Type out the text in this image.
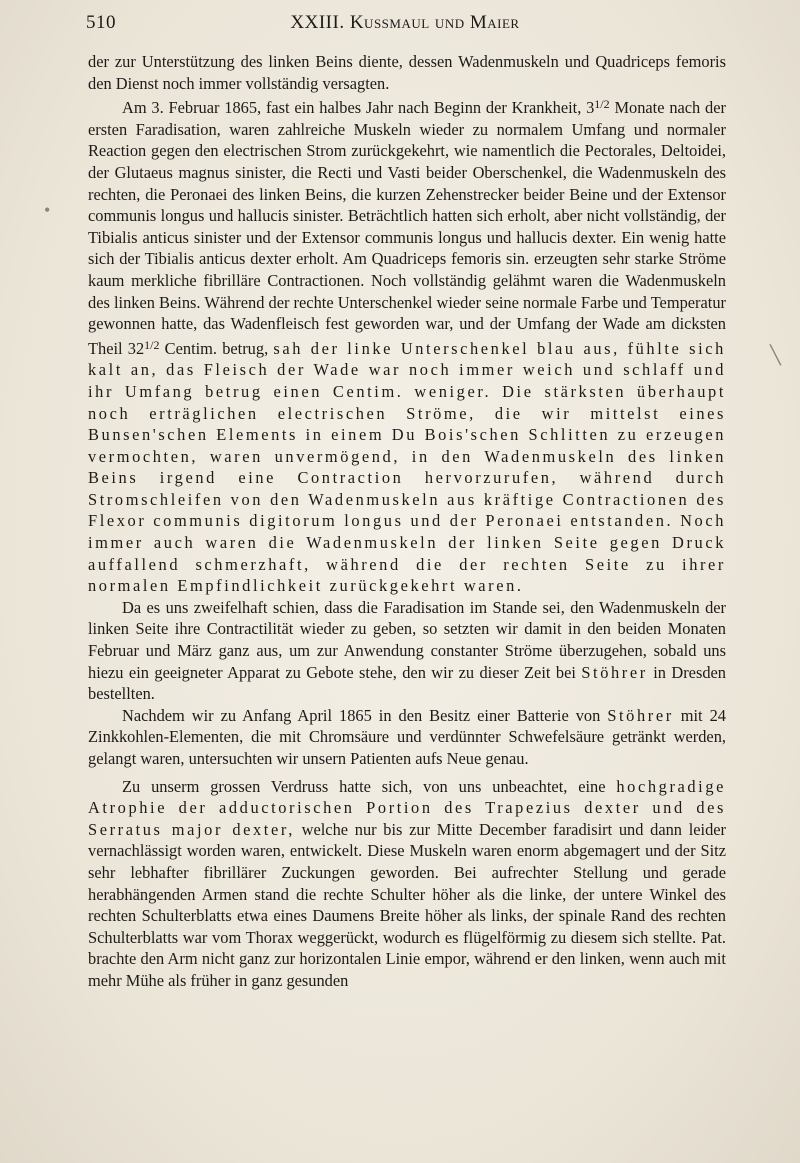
510	XXIII. Kussmaul und Maier

der zur Unterstützung des linken Beins diente, dessen Wadenmuskeln und Quadriceps femoris den Dienst noch immer vollständig versagten.

Am 3. Februar 1865, fast ein halbes Jahr nach Beginn der Krankheit, $3^{1/2}$ Monate nach der ersten Faradisation, waren zahlreiche Muskeln wieder zu normalem Umfang und normaler Reaction gegen den electrischen Strom zurückgekehrt, wie namentlich die Pectorales, Deltoidei, der Glutaeus magnus sinister, die Recti und Vasti beider Oberschenkel, die Wadenmuskeln des rechten, die Peronaei des linken Beins, die kurzen Zehenstrecker beider Beine und der Extensor communis longus und hallucis sinister. Beträchtlich hatten sich erholt, aber nicht vollständig, der Tibialis anticus sinister und der Extensor communis longus und hallucis dexter. Ein wenig hatte sich der Tibialis anticus dexter erholt. Am Quadriceps femoris sin. erzeugten sehr starke Ströme kaum merkliche fibrilläre Contractionen. Noch vollständig gelähmt waren die Wadenmuskeln des linken Beins. Während der rechte Unterschenkel wieder seine normale Farbe und Temperatur gewonnen hatte, das Wadenfleisch fest geworden war, und der Umfang der Wade am dicksten Theil $32^{1/2}$ Centim. betrug, sah der linke Unterschenkel blau aus, fühlte sich kalt an, das Fleisch der Wade war noch immer weich und schlaff und ihr Umfang betrug einen Centim. weniger. Die stärksten überhaupt noch erträglichen electrischen Ströme, die wir mittelst eines Bunsen'schen Elements in einem Du Bois'schen Schlitten zu erzeugen vermochten, waren unvermögend, in den Wadenmuskeln des linken Beins irgend eine Contraction hervorzurufen, während durch Stromschleifen von den Wadenmuskeln aus kräftige Contractionen des Flexor communis digitorum longus und der Peronaei entstanden. Noch immer auch waren die Wadenmuskeln der linken Seite gegen Druck auffallend schmerzhaft, während die der rechten Seite zu ihrer normalen Empfindlichkeit zurückgekehrt waren.

Da es uns zweifelhaft schien, dass die Faradisation im Stande sei, den Wadenmuskeln der linken Seite ihre Contractilität wieder zu geben, so setzten wir damit in den beiden Monaten Februar und März ganz aus, um zur Anwendung constanter Ströme überzugehen, sobald uns hiezu ein geeigneter Apparat zu Gebote stehe, den wir zu dieser Zeit bei Stöhrer in Dresden bestellten.

Nachdem wir zu Anfang April 1865 in den Besitz einer Batterie von Stöhrer mit 24 Zinkkohlen-Elementen, die mit Chromsäure und verdünnter Schwefelsäure getränkt werden, gelangt waren, untersuchten wir unsern Patienten aufs Neue genau.

Zu unserm grossen Verdruss hatte sich, von uns unbeachtet, eine hochgradige Atrophie der adductorischen Portion des Trapezius dexter und des Serratus major dexter, welche nur bis zur Mitte December faradisirt und dann leider vernachlässigt worden waren, entwickelt. Diese Muskeln waren enorm abgemagert und der Sitz sehr lebhafter fibrillärer Zuckungen geworden. Bei aufrechter Stellung und gerade herabhängenden Armen stand die rechte Schulter höher als die linke, der untere Winkel des rechten Schulterblatts etwa eines Daumens Breite höher als links, der spinale Rand des rechten Schulterblatts war vom Thorax weggerückt, wodurch es flügelförmig zu diesem sich stellte. Pat. brachte den Arm nicht ganz zur horizontalen Linie empor, während er den linken, wenn auch mit mehr Mühe als früher in ganz gesunden

•
╲
